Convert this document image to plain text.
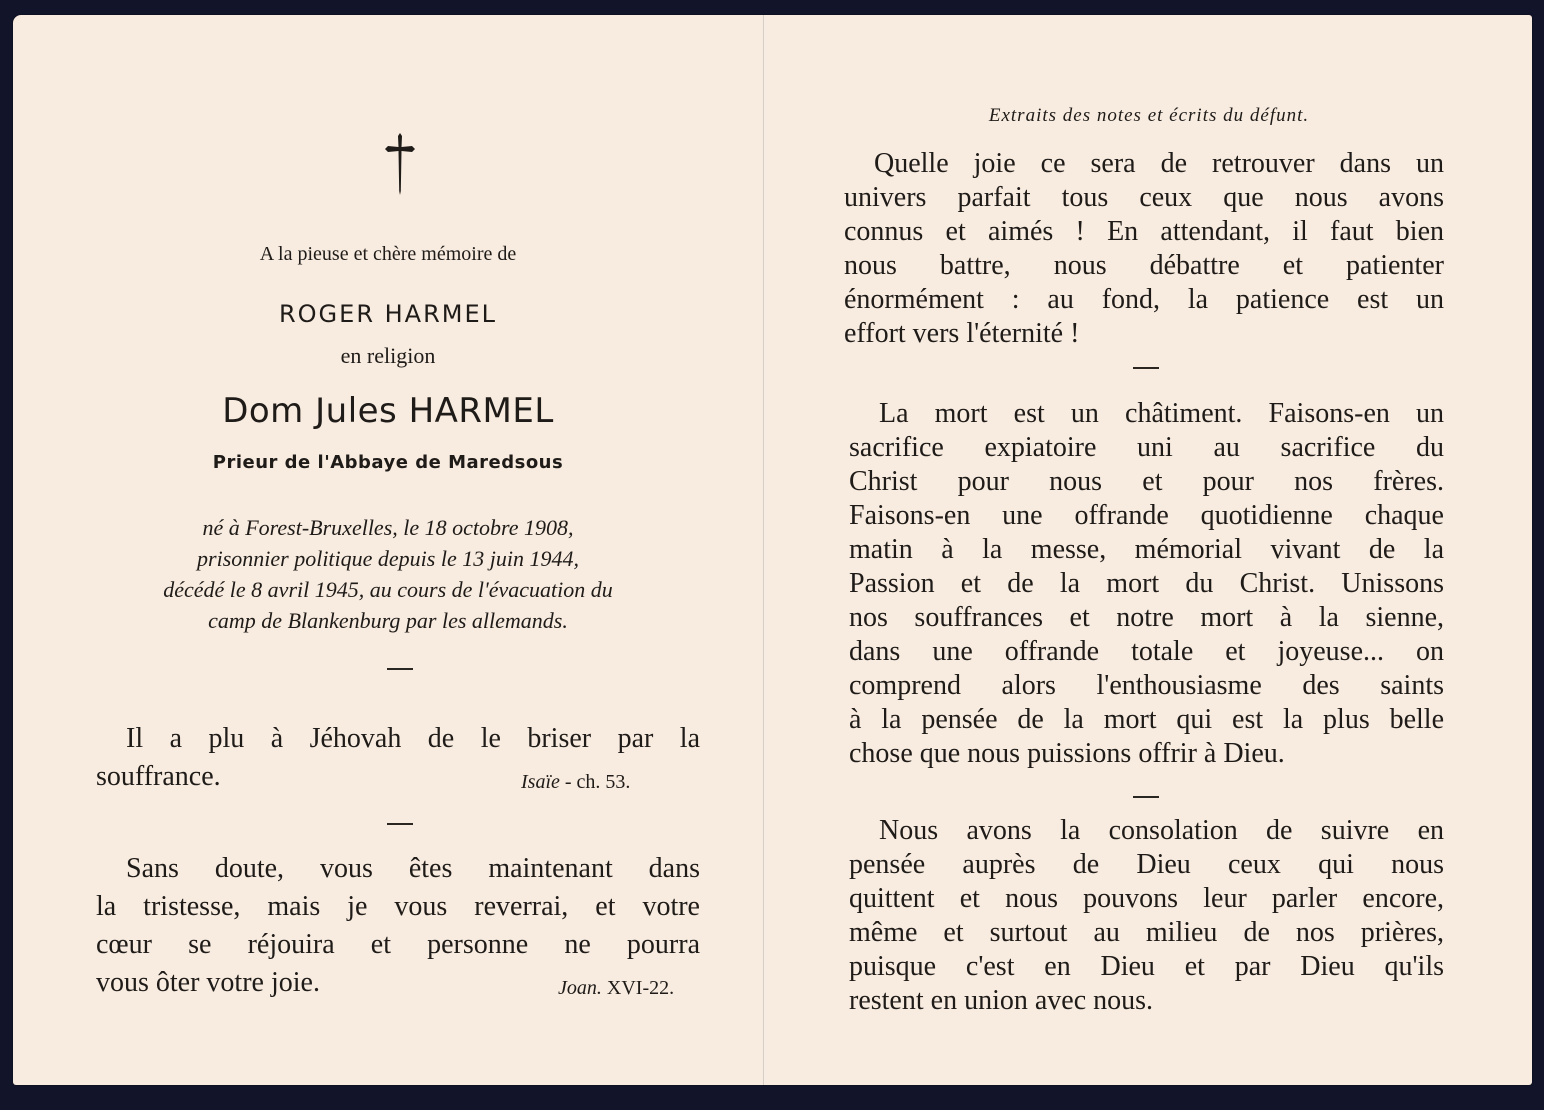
A la pieuse et chère mémoire de
ROGER HARMEL
en religion
Dom Jules HARMEL
Prieur de l'Abbaye de Maredsous
né à Forest-Bruxelles, le 18 octobre 1908,
prisonnier politique depuis le 13 juin 1944,
décédé le 8 avril 1945, au cours de l'évacuation du
camp de Blankenburg par les allemands.
Il a plu à Jéhovah de le briser par la
souffrance.	Isaïe - ch. 53.
Sans doute, vous êtes maintenant dans
la tristesse, mais je vous reverrai, et votre
cœur se réjouira et personne ne pourra
vous ôter votre joie.	Joan. XVI-22.
Extraits des notes et écrits du défunt.
Quelle joie ce sera de retrouver dans un
univers parfait tous ceux que nous avons
connus et aimés ! En attendant, il faut bien
nous battre, nous débattre et patienter
énormément : au fond, la patience est un
effort vers l'éternité !
La mort est un châtiment. Faisons-en un
sacrifice expiatoire uni au sacrifice du
Christ pour nous et pour nos frères.
Faisons-en une offrande quotidienne chaque
matin à la messe, mémorial vivant de la
Passion et de la mort du Christ. Unissons
nos souffrances et notre mort à la sienne,
dans une offrande totale et joyeuse... on
comprend alors l'enthousiasme des saints
à la pensée de la mort qui est la plus belle
chose que nous puissions offrir à Dieu.
Nous avons la consolation de suivre en
pensée auprès de Dieu ceux qui nous
quittent et nous pouvons leur parler encore,
même et surtout au milieu de nos prières,
puisque c'est en Dieu et par Dieu qu'ils
restent en union avec nous.
